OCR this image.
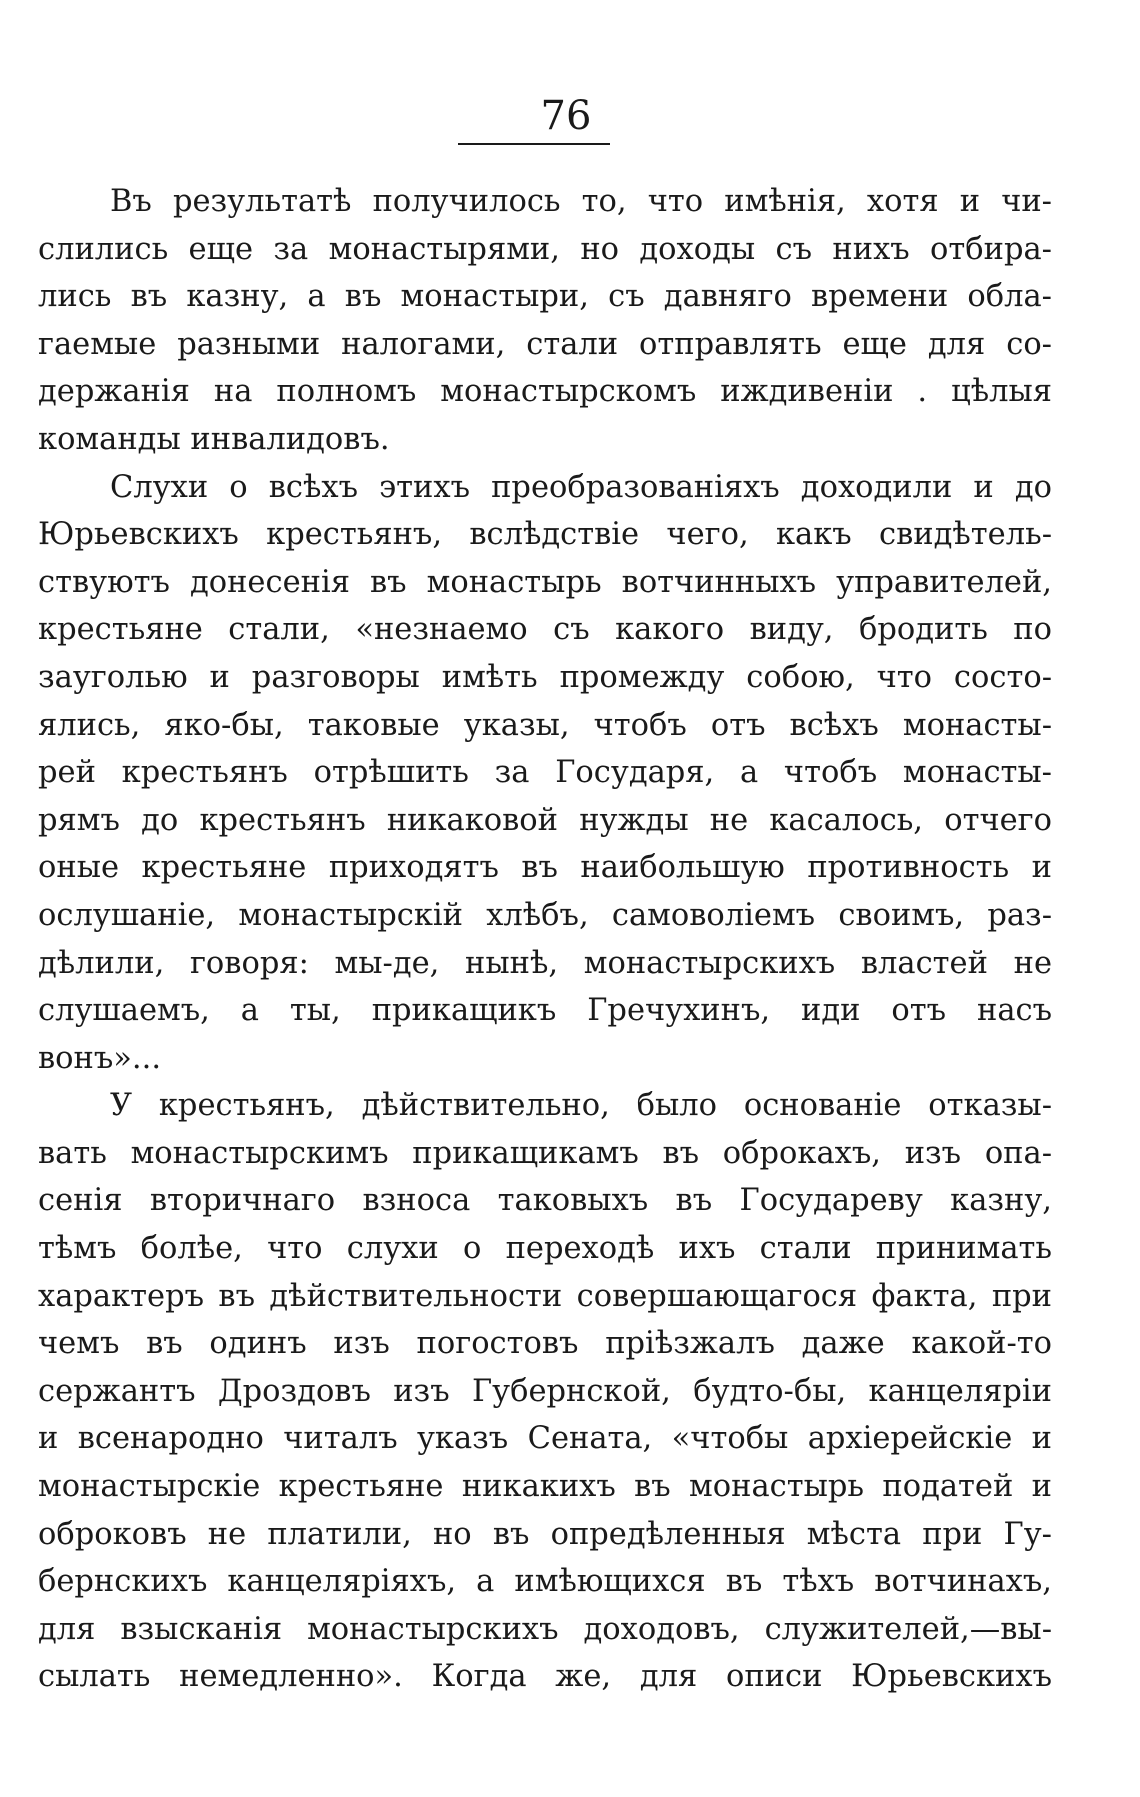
76
Въ результатѣ получилось то, что имѣнія, хотя и чи-
слились еще за монастырями, но доходы съ нихъ отбира-
лись въ казну, а въ монастыри, съ давняго времени обла-
гаемые разными налогами, стали отправлять еще для со-
держанія на полномъ монастырскомъ иждивеніи . цѣлыя
команды инвалидовъ.
Слухи о всѣхъ этихъ преобразованіяхъ доходили и до
Юрьевскихъ крестьянъ, вслѣдствіе чего, какъ свидѣтель-
ствуютъ донесенія въ монастырь вотчинныхъ управителей,
крестьяне стали, «незнаемо съ какого виду, бродить по
зауголью и разговоры имѣть промежду собою, что состо-
ялись, яко-бы, таковые указы, чтобъ отъ всѣхъ монасты-
рей крестьянъ отрѣшить за Государя, а чтобъ монасты-
рямъ до крестьянъ никаковой нужды не касалось, отчего
оные крестьяне приходятъ въ наибольшую противность и
ослушаніе, монастырскій хлѣбъ, самоволіемъ своимъ, раз-
дѣлили, говоря: мы-де, нынѣ, монастырскихъ властей не
слушаемъ, а ты, прикащикъ Гречухинъ, иди отъ насъ
вонъ»...
У крестьянъ, дѣйствительно, было основаніе отказы-
вать монастырскимъ прикащикамъ въ оброкахъ, изъ опа-
сенія вторичнаго взноса таковыхъ въ Государеву казну,
тѣмъ болѣе, что слухи о переходѣ ихъ стали принимать
характеръ въ дѣйствительности совершающагося факта, при
чемъ въ одинъ изъ погостовъ пріѣзжалъ даже какой-то
сержантъ Дроздовъ изъ Губернской, будто-бы, канцеляріи
и всенародно читалъ указъ Сената, «чтобы архіерейскіе и
монастырскіе крестьяне никакихъ въ монастырь податей и
оброковъ не платили, но въ опредѣленныя мѣста при Гу-
бернскихъ канцеляріяхъ, а имѣющихся въ тѣхъ вотчинахъ,
для взысканія монастырскихъ доходовъ, служителей,—вы-
сылать немедленно». Когда же, для описи Юрьевскихъ
